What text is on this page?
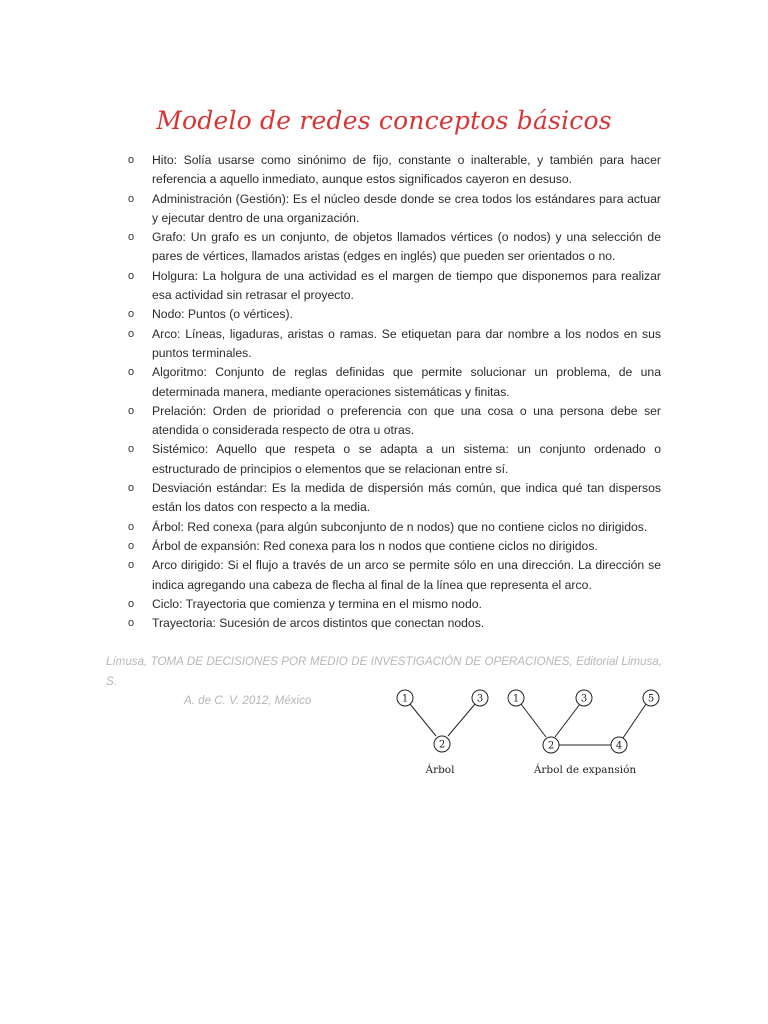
Modelo de redes conceptos básicos
o Hito: Solía usarse como sinónimo de fijo, constante o inalterable, y también para hacer referencia a aquello inmediato, aunque estos significados cayeron en desuso.
o Administración (Gestión): Es el núcleo desde donde se crea todos los estándares para actuar y ejecutar dentro de una organización.
o Grafo: Un grafo es un conjunto, de objetos llamados vértices (o nodos) y una selección de pares de vértices, llamados aristas (edges en inglés) que pueden ser orientados o no.
o Holgura: La holgura de una actividad es el margen de tiempo que disponemos para realizar esa actividad sin retrasar el proyecto.
o Nodo: Puntos (o vértices).
o Arco: Líneas, ligaduras, aristas o ramas. Se etiquetan para dar nombre a los nodos en sus puntos terminales.
o Algoritmo: Conjunto de reglas definidas que permite solucionar un problema, de una determinada manera, mediante operaciones sistemáticas y finitas.
o Prelación: Orden de prioridad o preferencia con que una cosa o una persona debe ser atendida o considerada respecto de otra u otras.
o Sistémico: Aquello que respeta o se adapta a un sistema: un conjunto ordenado o estructurado de principios o elementos que se relacionan entre sí.
o Desviación estándar: Es la medida de dispersión más común, que indica qué tan dispersos están los datos con respecto a la media.
o Árbol: Red conexa (para algún subconjunto de n nodos) que no contiene ciclos no dirigidos.
o Árbol de expansión: Red conexa para los n nodos que contiene ciclos no dirigidos.
o Arco dirigido: Si el flujo a través de un arco se permite sólo en una dirección. La dirección se indica agregando una cabeza de flecha al final de la línea que representa el arco.
o Ciclo: Trayectoria que comienza y termina en el mismo nodo.
o Trayectoria: Sucesión de arcos distintos que conectan nodos.
Límusa, TOMA DE DECISIONES POR MEDIO DE INVESTIGACIÓN DE OPERACIONES, Editorial Limusa, S.
A. de C. V. 2012, México	1	3
2
Árbol
1	3	5
2	4
Árbol de expansión
